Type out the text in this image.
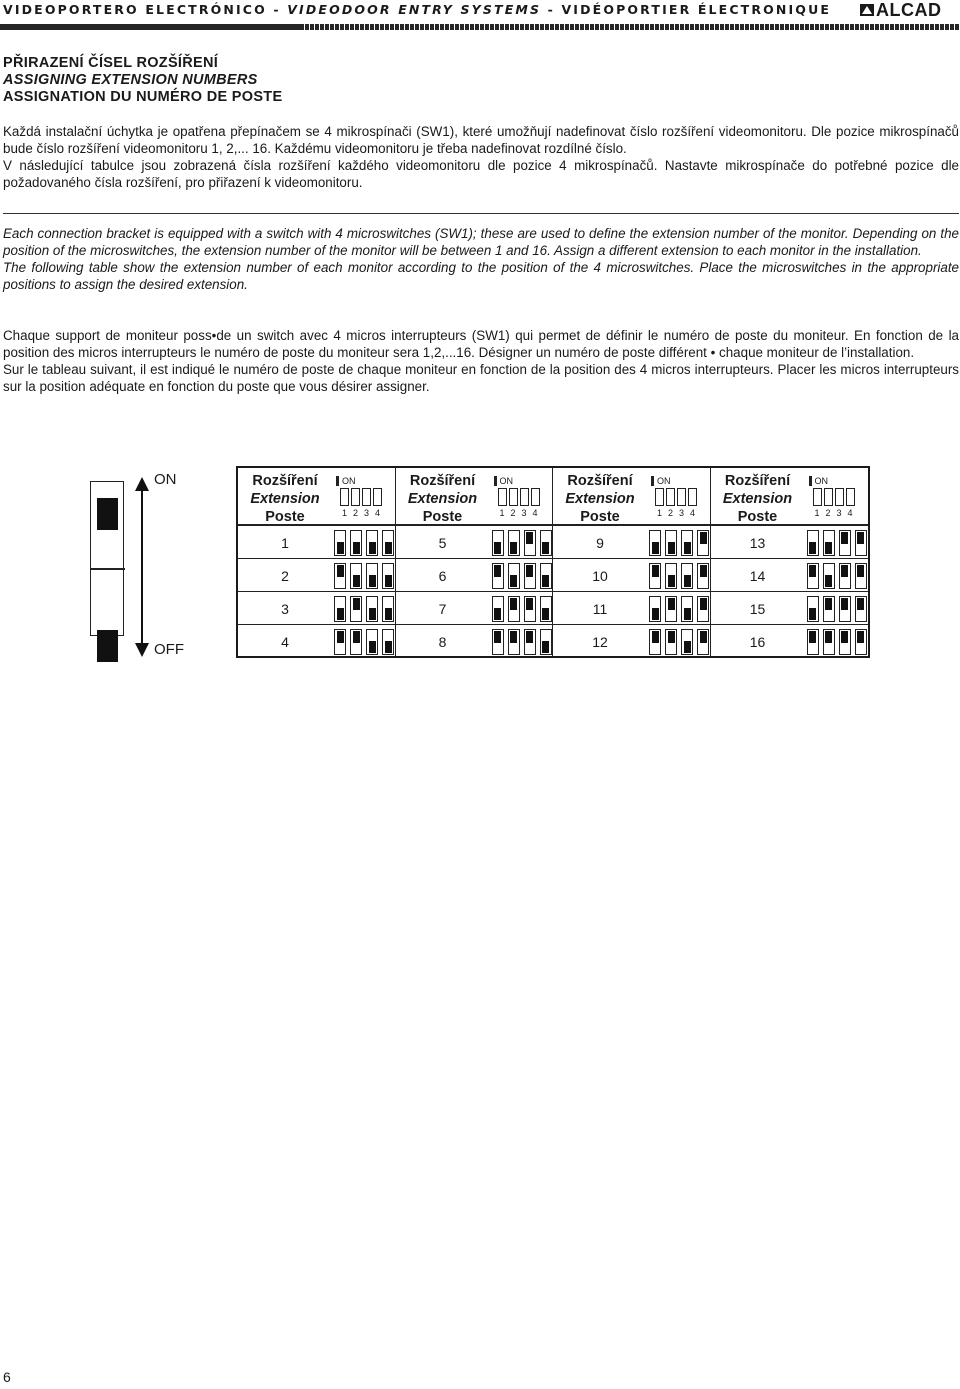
VIDEOPORTERO ELECTRÓNICO - VIDEODOOR ENTRY SYSTEMS - VIDÉOPORTIER ÉLECTRONIQUE	ALCAD
PŘIRAZENÍ ČÍSEL ROZŠÍŘENÍ
ASSIGNING EXTENSION NUMBERS
ASSIGNATION DU NUMÉRO DE POSTE

Každá instalační úchytka je opatřena přepínačem se 4 mikrospínači (SW1), které umožňují nadefinovat číslo rozšíření videomonitoru. Dle pozice mikrospínačů bude číslo rozšíření videomonitoru 1, 2,... 16. Každému videomonitoru je třeba nadefinovat rozdílné číslo.

V následující tabulce jsou zobrazená čísla rozšíření každého videomonitoru dle pozice 4 mikrospínačů. Nastavte mikrospínače do potřebné pozice dle požadovaného čísla rozšíření, pro přiřazení k videomonitoru.

Each connection bracket is equipped with a switch with 4 microswitches (SW1); these are used to define the extension number of the monitor. Depending on the position of the microswitches, the extension number of the monitor will be between 1 and 16. Assign a different extension to each monitor in the installation.

The following table show the extension number of each monitor according to the position of the 4 microswitches. Place the microswitches in the appropriate positions to assign the desired extension.

Chaque support de moniteur poss•de un switch avec 4 micros interrupteurs (SW1) qui permet de définir le numéro de poste du moniteur. En fonction de la position des micros interrupteurs le numéro de poste du moniteur sera 1,2,...16. Désigner un numéro de poste différent • chaque moniteur de l’installation.

Sur le tableau suivant, il est indiqué le numéro de poste de chaque moniteur en fonction de la position des 4 micros interrupteurs. Placer les micros interrupteurs sur la position adéquate en fonction du poste que vous désirer assigner.

ON
OFF
Rozšíření
Extension
Poste
ON
1 2 3 4
1
2
3
4
Rozšíření
Extension
Poste
ON
1 2 3 4
5
6
7
8
Rozšíření
Extension
Poste
ON
1 2 3 4
9
10
11
12
Rozšíření
Extension
Poste
ON
1 2 3 4
13
14
15
16
6
